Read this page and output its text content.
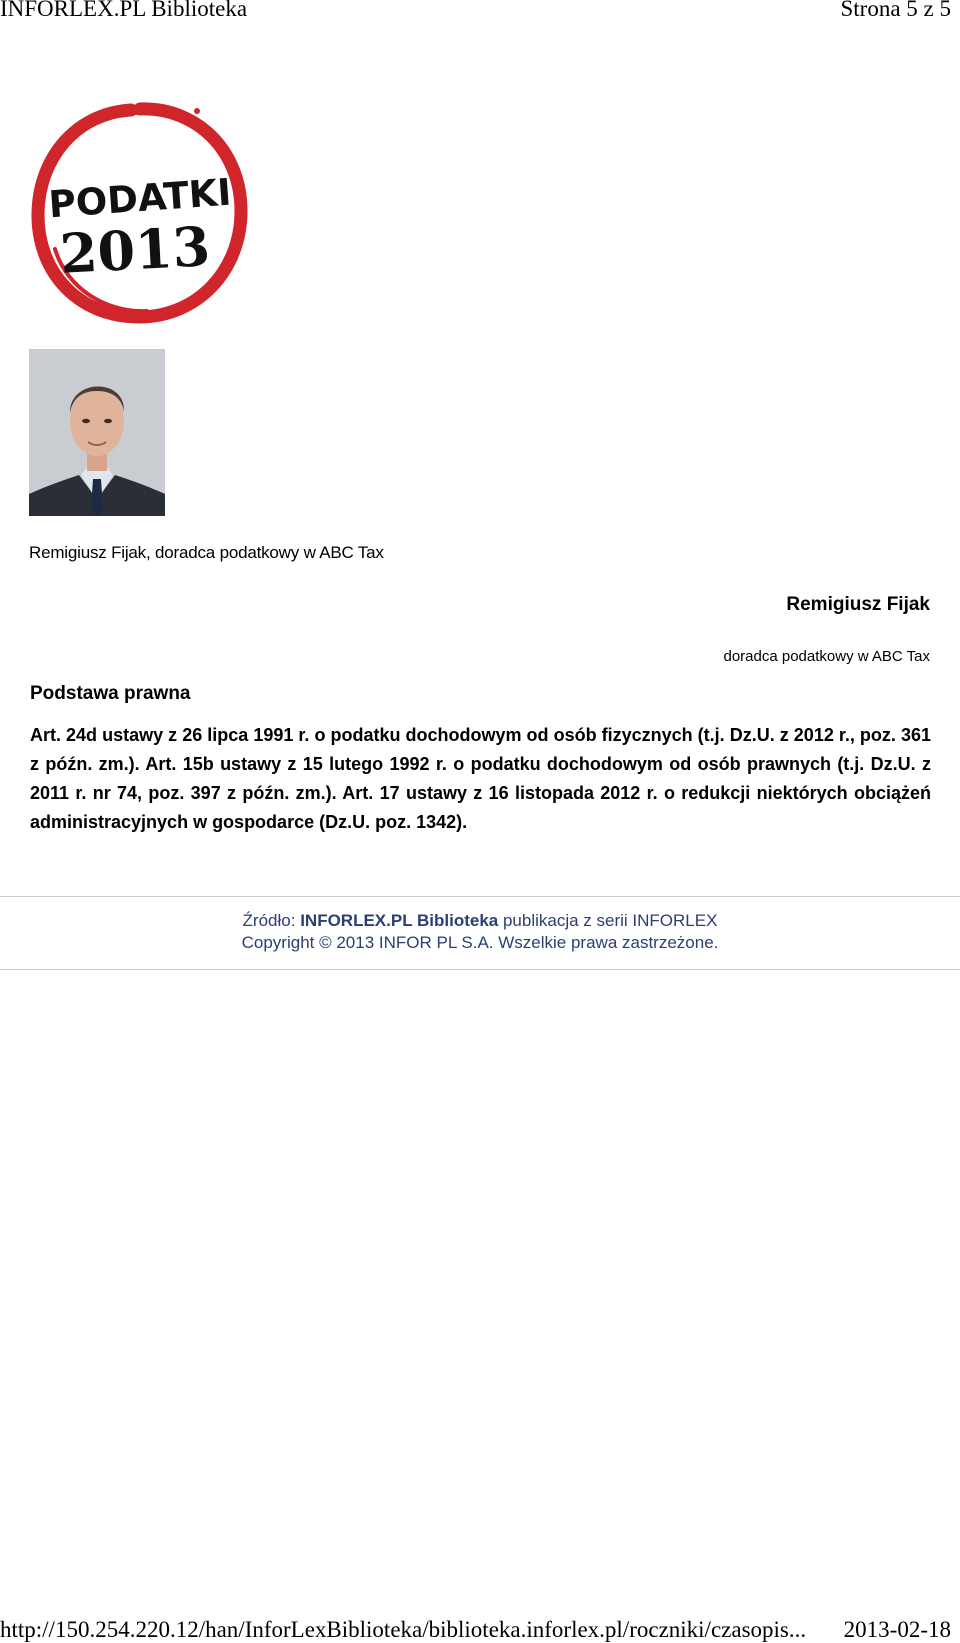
INFORLEX.PL Biblioteka	Strona 5 z 5
PODATKI
2013
Remigiusz Fijak, doradca podatkowy w ABC Tax
Remigiusz Fijak
doradca podatkowy w ABC Tax
Podstawa prawna
Art. 24d ustawy z 26 lipca 1991 r. o podatku dochodowym od osób fizycznych (t.j. Dz.U. z 2012 r., poz. 361 z późn. zm.). Art. 15b ustawy z 15 lutego 1992 r. o podatku dochodowym od osób prawnych (t.j. Dz.U. z 2011 r. nr 74, poz. 397 z późn. zm.). Art. 17 ustawy z 16 listopada 2012 r. o redukcji niektórych obciążeń administracyjnych w gospodarce (Dz.U. poz. 1342).
Źródło: INFORLEX.PL Biblioteka publikacja z serii INFORLEX
Copyright © 2013 INFOR PL S.A. Wszelkie prawa zastrzeżone.
http://150.254.220.12/han/InforLexBiblioteka/biblioteka.inforlex.pl/roczniki/czasopis... 2013-02-18
